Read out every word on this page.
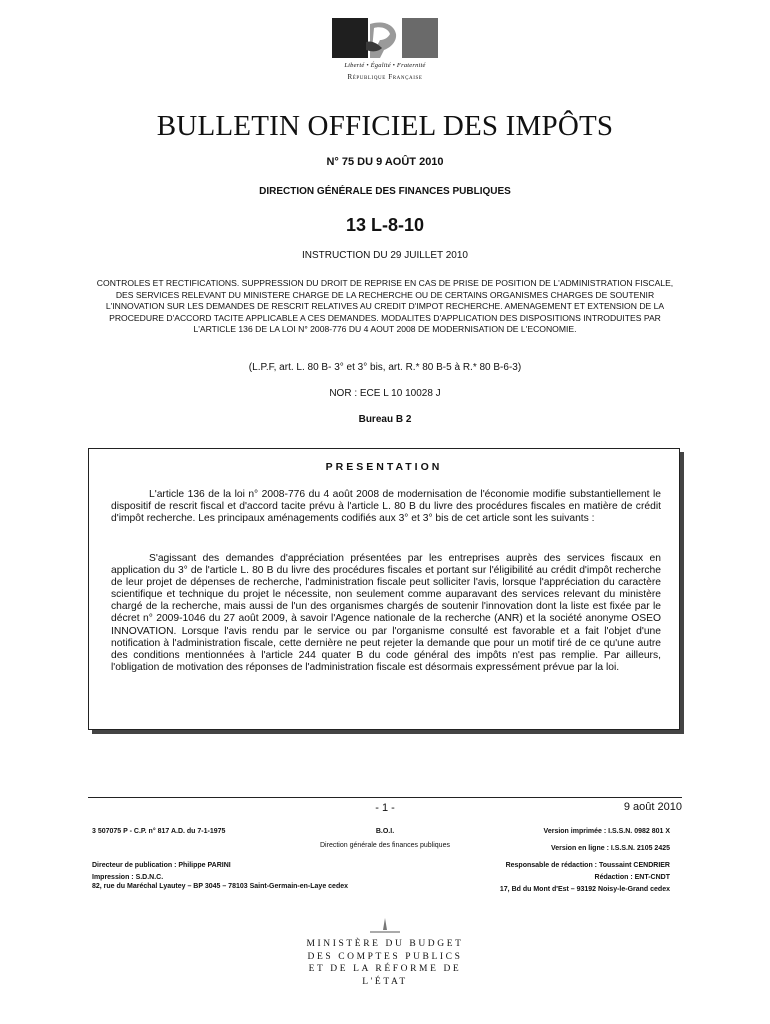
Liberté • Égalité • Fraternité
République Française
BULLETIN OFFICIEL DES IMPÔTS
N° 75 DU 9 AOÛT 2010
DIRECTION GÉNÉRALE DES FINANCES PUBLIQUES
13 L-8-10
INSTRUCTION DU 29 JUILLET 2010
CONTROLES ET RECTIFICATIONS. SUPPRESSION DU DROIT DE REPRISE EN CAS DE PRISE DE POSITION DE L'ADMINISTRATION FISCALE, DES SERVICES RELEVANT DU MINISTERE CHARGE DE LA RECHERCHE OU DE CERTAINS ORGANISMES CHARGES DE SOUTENIR L'INNOVATION SUR LES DEMANDES DE RESCRIT RELATIVES AU CREDIT D'IMPOT RECHERCHE. AMENAGEMENT ET EXTENSION DE LA PROCEDURE D'ACCORD TACITE APPLICABLE A CES DEMANDES. MODALITES D'APPLICATION DES DISPOSITIONS INTRODUITES PAR L'ARTICLE 136 DE LA LOI N° 2008-776 DU 4 AOUT 2008 DE MODERNISATION DE L'ECONOMIE.
(L.P.F, art. L. 80 B- 3° et 3° bis, art. R.* 80 B-5 à R.* 80 B-6-3)
NOR : ECE L 10 10028 J
Bureau B 2
PRESENTATION

L'article 136 de la loi n° 2008-776 du 4 août 2008 de modernisation de l'économie modifie substantiellement le dispositif de rescrit fiscal et d'accord tacite prévu à l'article L. 80 B du livre des procédures fiscales en matière de crédit d'impôt recherche. Les principaux aménagements codifiés aux 3° et 3° bis de cet article sont les suivants :

S'agissant des demandes d'appréciation présentées par les entreprises auprès des services fiscaux en application du 3° de l'article L. 80 B du livre des procédures fiscales et portant sur l'éligibilité au crédit d'impôt recherche de leur projet de dépenses de recherche, l'administration fiscale peut solliciter l'avis, lorsque l'appréciation du caractère scientifique et technique du projet le nécessite, non seulement comme auparavant des services relevant du ministère chargé de la recherche, mais aussi de l'un des organismes chargés de soutenir l'innovation dont la liste est fixée par le décret n° 2009-1046 du 27 août 2009, à savoir l'Agence nationale de la recherche (ANR) et la société anonyme OSEO INNOVATION. Lorsque l'avis rendu par le service ou par l'organisme consulté est favorable et a fait l'objet d'une notification à l'administration fiscale, cette dernière ne peut rejeter la demande que pour un motif tiré de ce qu'une autre des conditions mentionnées à l'article 244 quater B du code général des impôts n'est pas remplie. Par ailleurs, l'obligation de motivation des réponses de l'administration fiscale est désormais expressément prévue par la loi.

- 1 -	9 août 2010
3 507075 P - C.P. n° 817 A.D. du 7-1-1975	B.O.I.
Direction générale des finances publiques
Version imprimée : I.S.S.N. 0982 801 X
Version en ligne : I.S.S.N. 2105 2425
Directeur de publication : Philippe PARINI
Impression : S.D.N.C.
82, rue du Maréchal Lyautey – BP 3045 – 78103 Saint-Germain-en-Laye cedex
Responsable de rédaction : Toussaint CENDRIER
Rédaction : ENT-CNDT
17, Bd du Mont d'Est – 93192 Noisy-le-Grand cedex
MINISTÈRE DU BUDGET
DES COMPTES PUBLICS
ET DE LA RÉFORME DE L'ÉTAT
